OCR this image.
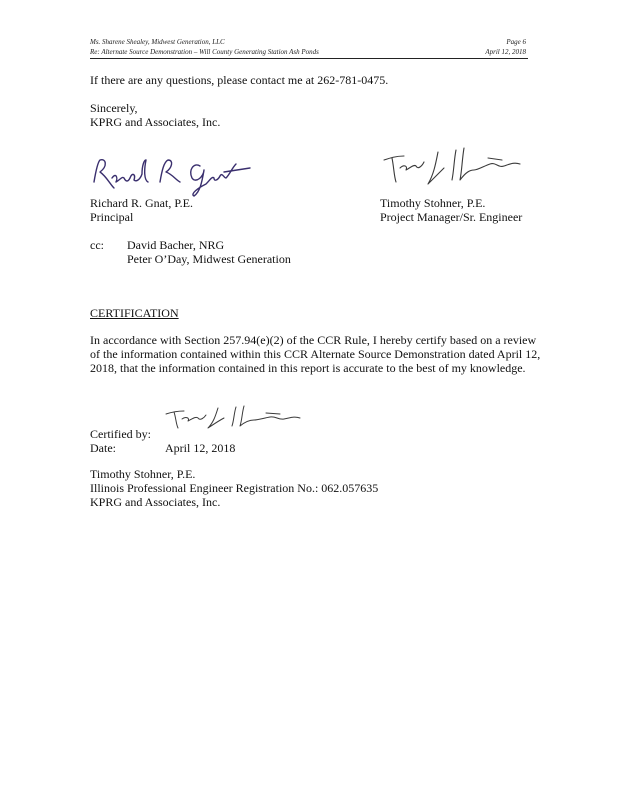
Ms. Sharene Shealey, Midwest Generation, LLC
Re: Alternate Source Demonstration – Will County Generating Station Ash Ponds
Page 6
April 12, 2018
If there are any questions, please contact me at 262-781-0475.
Sincerely,
KPRG and Associates, Inc.
Richard R. Gnat, P.E.
Principal
Timothy Stohner, P.E.
Project Manager/Sr. Engineer
cc: David Bacher, NRG
Peter O’Day, Midwest Generation
CERTIFICATION
In accordance with Section 257.94(e)(2) of the CCR Rule, I hereby certify based on a review of the information contained within this CCR Alternate Source Demonstration dated April 12, 2018, that the information contained in this report is accurate to the best of my knowledge.
Certified by:
Date:	April 12, 2018
Timothy Stohner, P.E.
Illinois Professional Engineer Registration No.: 062.057635
KPRG and Associates, Inc.
